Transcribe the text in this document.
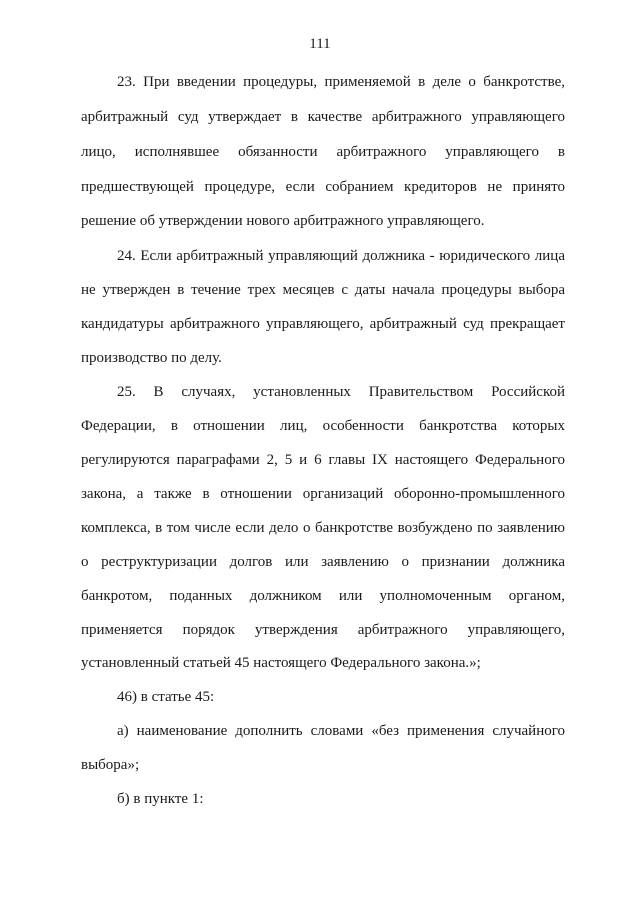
111
23. При введении процедуры, применяемой в деле о банкротстве,
арбитражный суд утверждает в качестве арбитражного управляющего
лицо, исполнявшее обязанности арбитражного управляющего в
предшествующей процедуре, если собранием кредиторов не принято
решение об утверждении нового арбитражного управляющего.
24. Если арбитражный управляющий должника - юридического лица
не утвержден в течение трех месяцев с даты начала процедуры выбора
кандидатуры арбитражного управляющего, арбитражный суд прекращает
производство по делу.
25. В случаях, установленных Правительством Российской
Федерации, в отношении лиц, особенности банкротства которых
регулируются параграфами 2, 5 и 6 главы IX настоящего Федерального
закона, а также в отношении организаций оборонно-промышленного
комплекса, в том числе если дело о банкротстве возбуждено по заявлению
о реструктуризации долгов или заявлению о признании должника
банкротом, поданных должником или уполномоченным органом,
применяется порядок утверждения арбитражного управляющего,
установленный статьей 45 настоящего Федерального закона.»;
46) в статье 45:
а) наименование дополнить словами «без применения случайного
выбора»;
б) в пункте 1:
